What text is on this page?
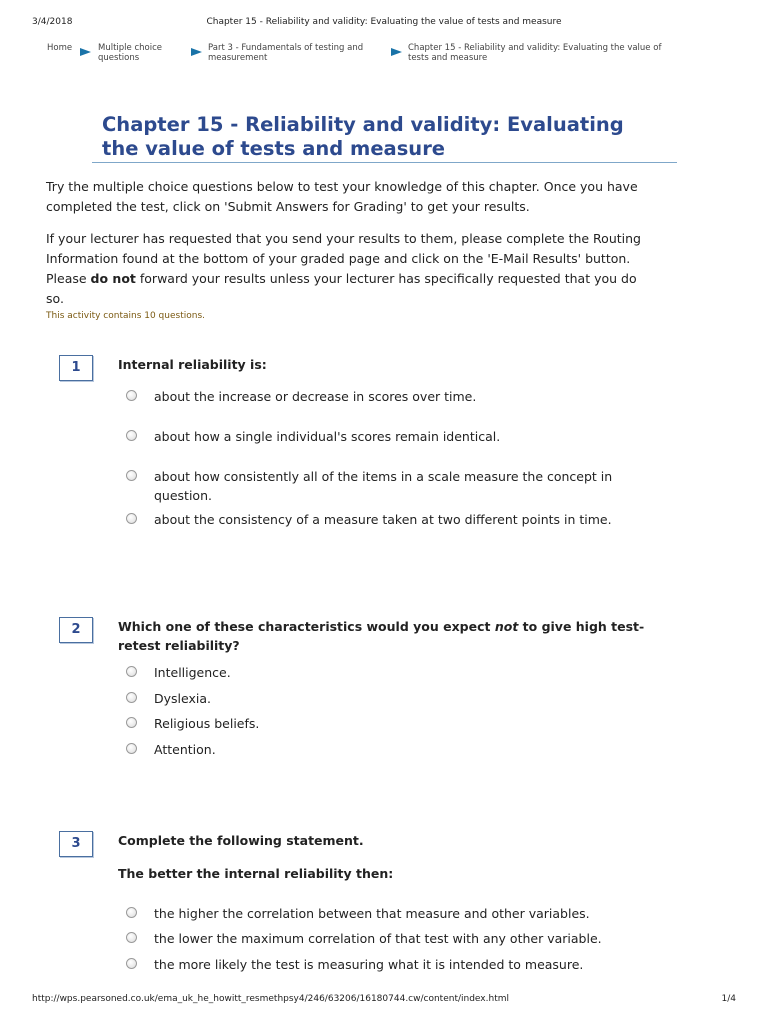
3/4/2018	Chapter 15 - Reliability and validity: Evaluating the value of tests and measure
Home	Multiple choice questions
Part 3 - Fundamentals of testing and measurement
Chapter 15 - Reliability and validity: Evaluating the value of tests and measure
Chapter 15 - Reliability and validity: Evaluating the value of tests and measure

Try the multiple choice questions below to test your knowledge of this chapter. Once you have completed the test, click on 'Submit Answers for Grading' to get your results.

If your lecturer has requested that you send your results to them, please complete the Routing Information found at the bottom of your graded page and click on the 'E-Mail Results' button. Please do not forward your results unless your lecturer has specifically requested that you do so.

This activity contains 10 questions.
1	Internal reliability is:

about the increase or decrease in scores over time.
about how a single individual's scores remain identical.
about how consistently all of the items in a scale measure the concept in question.
about the consistency of a measure taken at two different points in time.
2	Which one of these characteristics would you expect not to give high test-retest reliability?

Intelligence.
Dyslexia.
Religious beliefs.
Attention.
3	Complete the following statement.

The better the internal reliability then:

the higher the correlation between that measure and other variables.
the lower the maximum correlation of that test with any other variable.
the more likely the test is measuring what it is intended to measure.
http://wps.pearsoned.co.uk/ema_uk_he_howitt_resmethpsy4/246/63206/16180744.cw/content/index.html	1/4
